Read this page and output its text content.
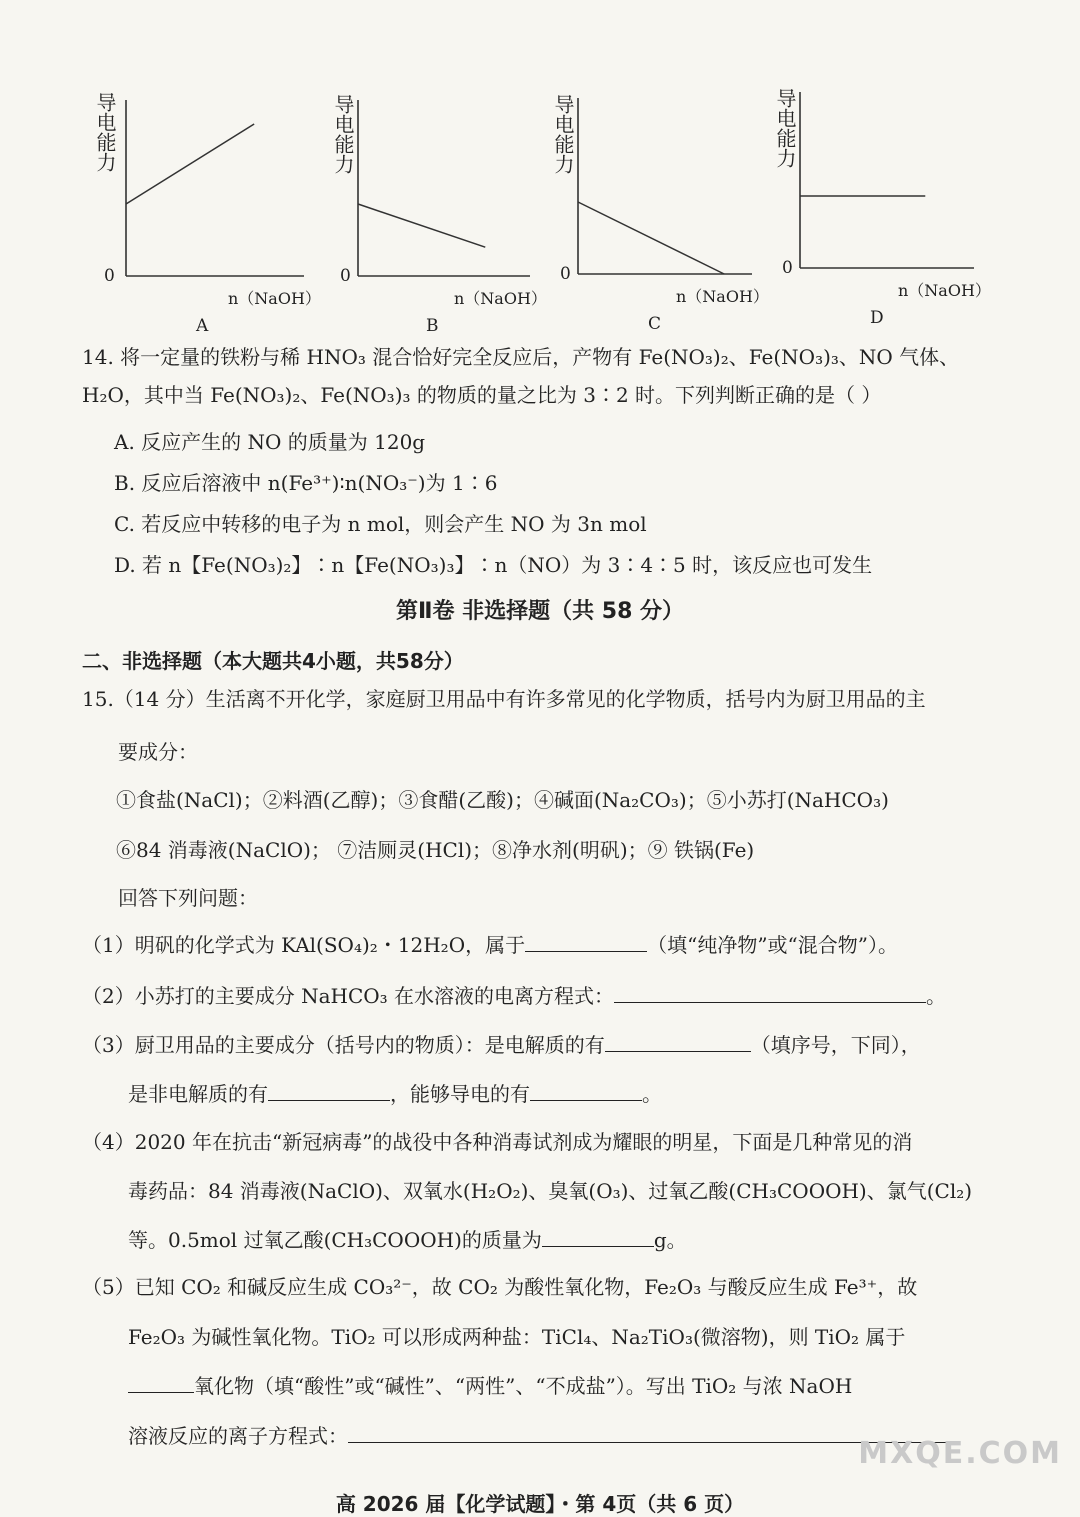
导电能力
0
n（NaOH）
A
导电能力
0
n（NaOH）
B
导电能力
0
n（NaOH）
C
导电能力
0
n（NaOH）
D
14. 将一定量的铁粉与稀 HNO₃ 混合恰好完全反应后，产物有 Fe(NO₃)₂、Fe(NO₃)₃、NO 气体、
H₂O，其中当 Fe(NO₃)₂、Fe(NO₃)₃ 的物质的量之比为 3∶2 时。下列判断正确的是（ ）
A. 反应产生的 NO 的质量为 120g
B. 反应后溶液中 n(Fe³⁺)∶n(NO₃⁻)为 1∶6
C. 若反应中转移的电子为 n mol，则会产生 NO 为 3n mol
D. 若 n【Fe(NO₃)₂】∶n【Fe(NO₃)₃】∶n（NO）为 3∶4∶5 时，该反应也可发生
第Ⅱ卷 非选择题（共 58 分）
二、非选择题（本大题共4小题，共58分）
15.（14 分）生活离不开化学，家庭厨卫用品中有许多常见的化学物质，括号内为厨卫用品的主
要成分：
①食盐(NaCl)；②料酒(乙醇)；③食醋(乙酸)；④碱面(Na₂CO₃)；⑤小苏打(NaHCO₃)
⑥84 消毒液(NaClO)； ⑦洁厕灵(HCl)；⑧净水剂(明矾)；⑨ 铁锅(Fe)
回答下列问题：
（1）明矾的化学式为 KAl(SO₄)₂・12H₂O，属于	（填“纯净物”或“混合物”）。
（2）小苏打的主要成分 NaHCO₃ 在水溶液的电离方程式：	。
（3）厨卫用品的主要成分（括号内的物质）：是电解质的有	（填序号，下同），
是非电解质的有	，能够导电的有	。
（4）2020 年在抗击“新冠病毒”的战役中各种消毒试剂成为耀眼的明星，下面是几种常见的消
毒药品：84 消毒液(NaClO)、双氧水(H₂O₂)、臭氧(O₃)、过氧乙酸(CH₃COOOH)、氯气(Cl₂)
等。0.5mol 过氧乙酸(CH₃COOOH)的质量为	g。
（5）已知 CO₂ 和碱反应生成 CO₃²⁻，故 CO₂ 为酸性氧化物，Fe₂O₃ 与酸反应生成 Fe³⁺，故
Fe₂O₃ 为碱性氧化物。TiO₂ 可以形成两种盐：TiCl₄、Na₂TiO₃(微溶物)，则 TiO₂ 属于
氧化物（填“酸性”或“碱性”、“两性”、“不成盐”）。写出 TiO₂ 与浓 NaOH
溶液反应的离子方程式：	MXQE.COM
高 2026 届【化学试题】・第 4页（共 6 页）
